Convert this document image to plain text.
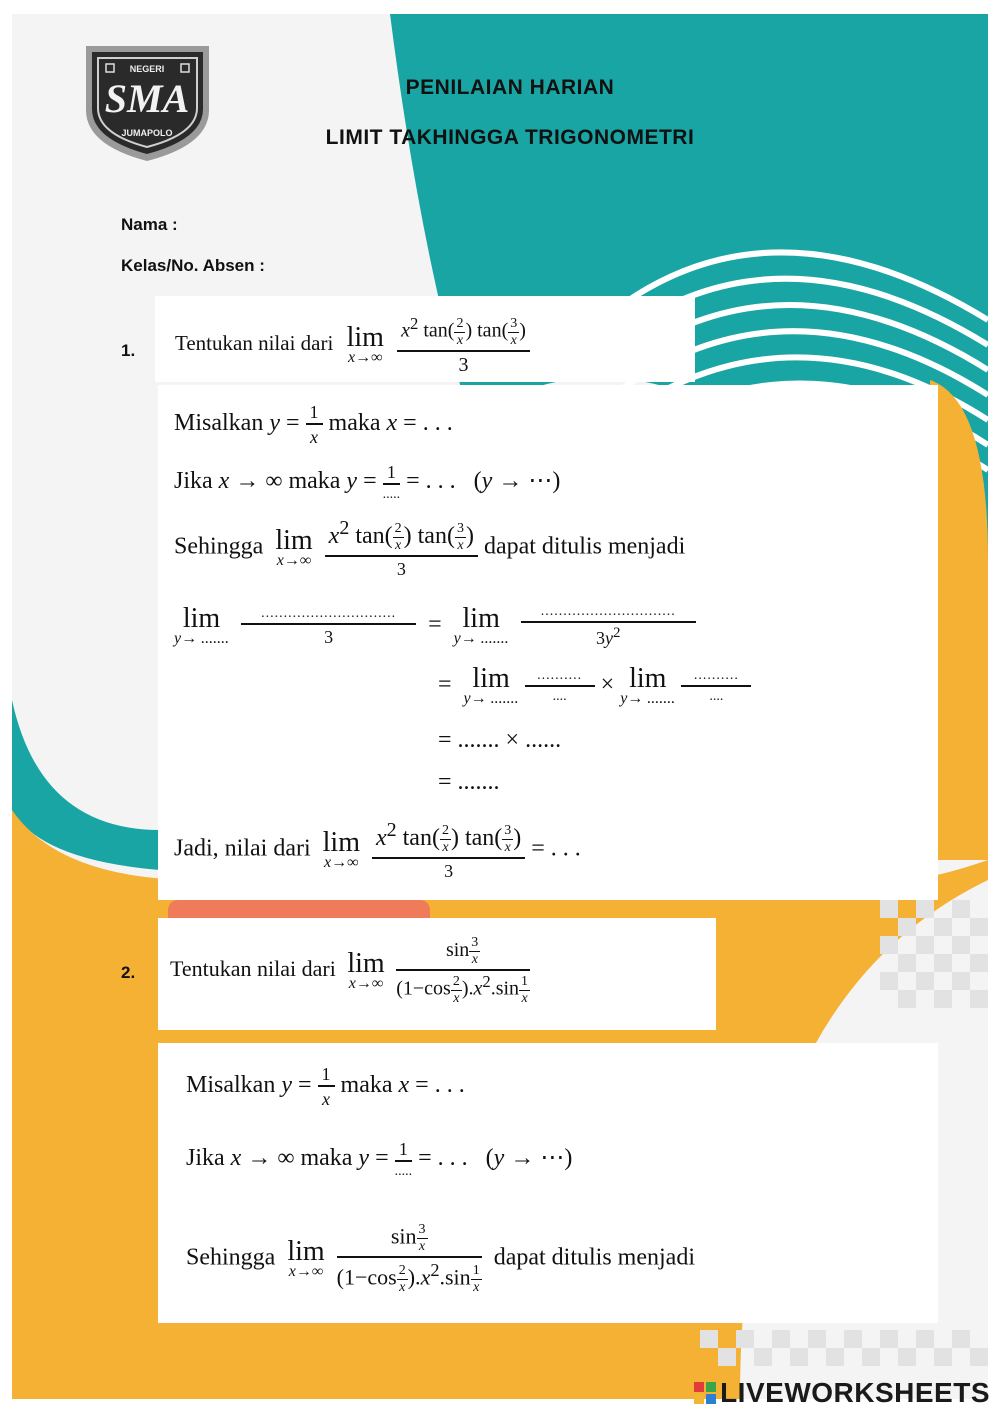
NEGERI
SMA
JUMAPOLO
PENILAIAN HARIAN
LIMIT TAKHINGGA TRIGONOMETRI
Nama :
Kelas/No. Absen :
1. Tentukan nilai dari lim
x→∞
$\frac{x^2 \tan( \frac{2}{x} ) \tan( \frac{3}{x} )}{3}$
Misalkan $y = \frac{1}{x}$ maka x = . . .
Jika x → ∞ maka $y = \frac{1}{.....}$ = . . .   (y → ⋯)
Sehingga lim
x→∞
$\frac{x^2 \tan( \frac{2}{x} ) \tan( \frac{3}{x} )}{3}$ dapat ditulis menjadi
lim
y→ .......
$\frac{..............................}{3} = \lim$
y→ .......
$\frac{..............................}{3y^2}$
= lim
y→ .......
$\frac{..........}{....} \times \lim$
y→ .......
$\frac{..........}{....}$
= ....... × ......
= .......
Jadi, nilai dari lim
x→∞
$\frac{x^2 \tan( \frac{2}{x} ) \tan( \frac{3}{x} )}{3}$ = . . .
2. Tentukan nilai dari lim
x→∞
$\frac{\sin \frac{3}{x}}{(1-\cos \frac{2}{x} ).x^2.\sin \frac{1}{x}}$
Misalkan $y = \frac{1}{x}$ maka x = . . .
Jika x → ∞ maka $y = \frac{1}{.....}$ = . . .   (y → ⋯)
Sehingga lim
x→∞
$\frac{\sin \frac{3}{x}}{(1-\cos \frac{2}{x} ).x^2.\sin \frac{1}{x}}$ dapat ditulis menjadi
LIVEWORKSHEETS
